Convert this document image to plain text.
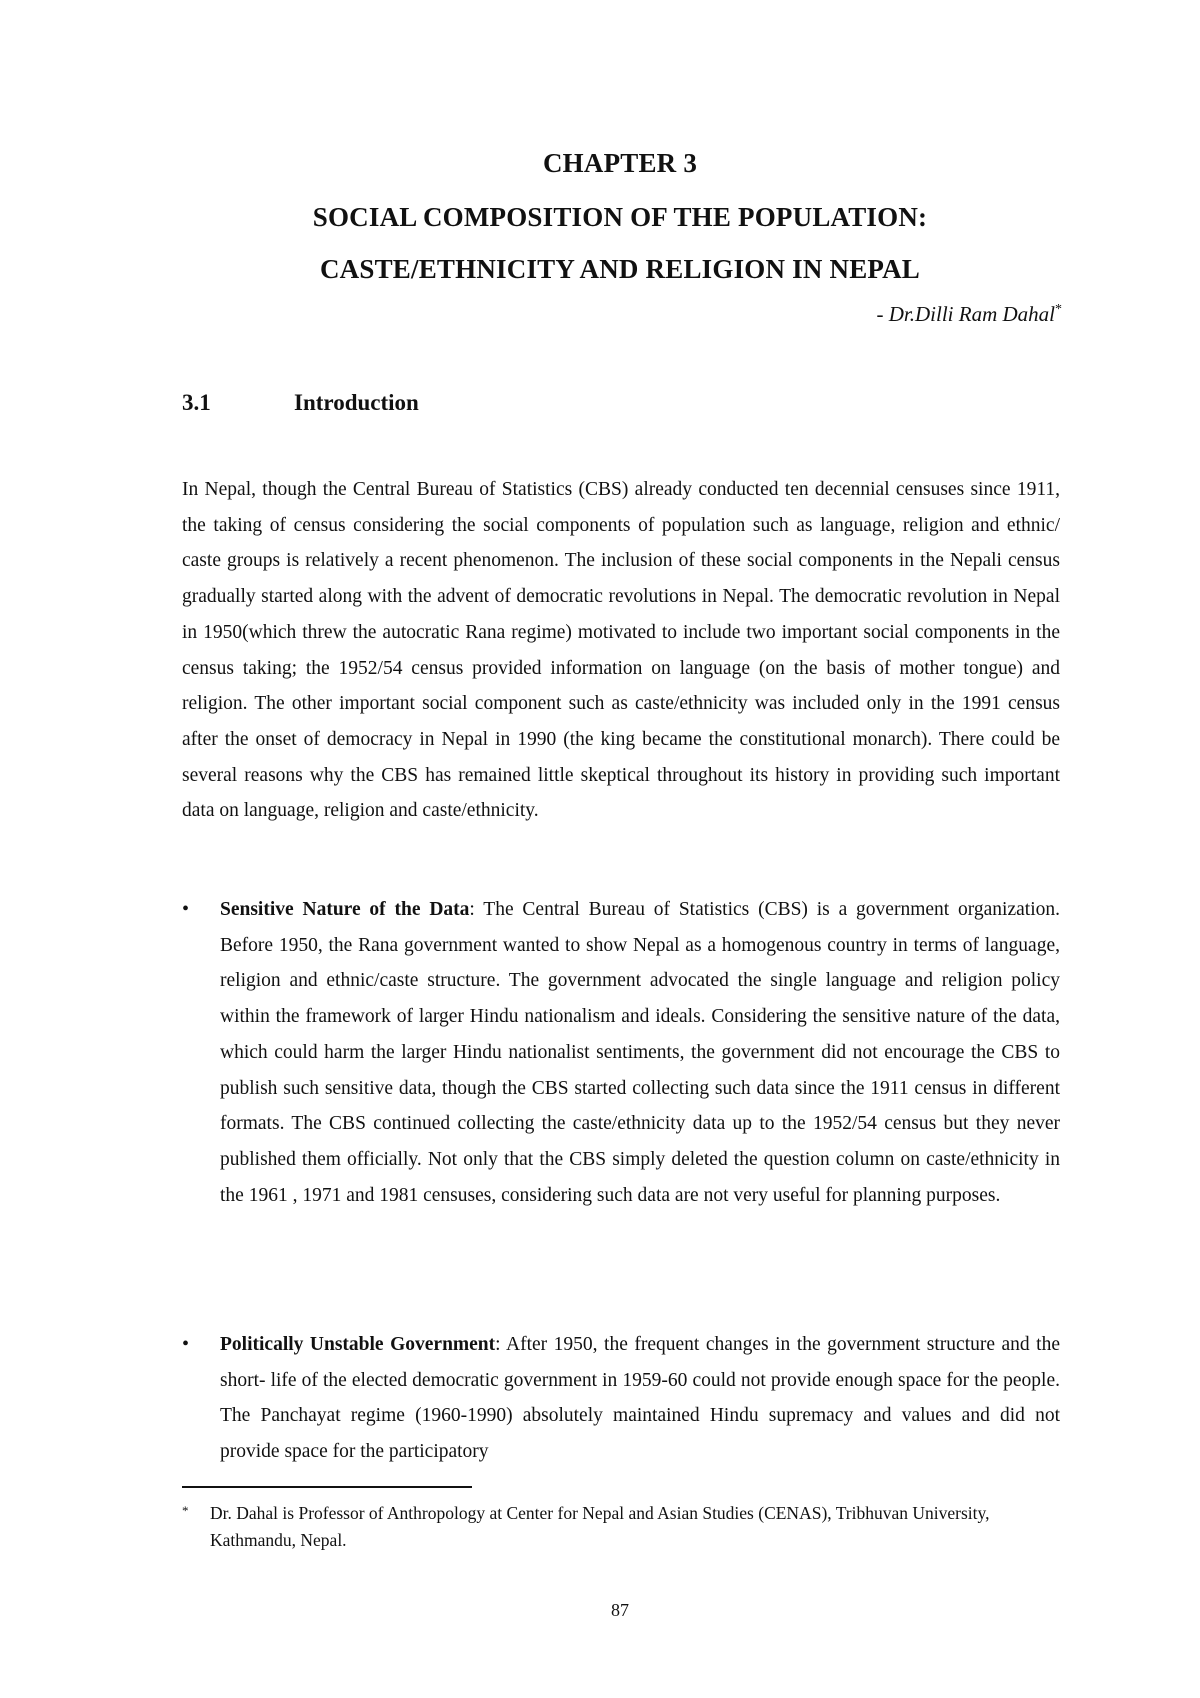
CHAPTER 3
SOCIAL COMPOSITION OF THE POPULATION:
CASTE/ETHNICITY AND RELIGION IN NEPAL
- Dr.Dilli Ram Dahal*
3.1	Introduction

In Nepal, though the Central Bureau of Statistics (CBS) already conducted ten decennial censuses since 1911, the taking of census considering the social components of population such as language, religion and ethnic/ caste groups is relatively a recent phenomenon. The inclusion of these social components in the Nepali census gradually started along with the advent of democratic revolutions in Nepal. The democratic revolution in Nepal in 1950(which threw the autocratic Rana regime) motivated to include two important social components in the census taking; the 1952/54 census provided information on language (on the basis of mother tongue) and religion. The other important social component such as caste/ethnicity was included only in the 1991 census after the onset of democracy in Nepal in 1990 (the king became the constitutional monarch). There could be several reasons why the CBS has remained little skeptical throughout its history in providing such important data on language, religion and caste/ethnicity.

• Sensitive Nature of the Data: The Central Bureau of Statistics (CBS) is a government organization. Before 1950, the Rana government wanted to show Nepal as a homogenous country in terms of language, religion and ethnic/caste structure. The government advocated the single language and religion policy within the framework of larger Hindu nationalism and ideals. Considering the sensitive nature of the data, which could harm the larger Hindu nationalist sentiments, the government did not encourage the CBS to publish such sensitive data, though the CBS started collecting such data since the 1911 census in different formats. The CBS continued collecting the caste/ethnicity data up to the 1952/54 census but they never published them officially. Not only that the CBS simply deleted the question column on caste/ethnicity in the 1961 , 1971 and 1981 censuses, considering such data are not very useful for planning purposes.

• Politically Unstable Government: After 1950, the frequent changes in the government structure and the short- life of the elected democratic government in 1959-60 could not provide enough space for the people. The Panchayat regime (1960-1990) absolutely maintained Hindu supremacy and values and did not provide space for the participatory

* Dr. Dahal is Professor of Anthropology at Center for Nepal and Asian Studies (CENAS), Tribhuvan University, Kathmandu, Nepal.
87
